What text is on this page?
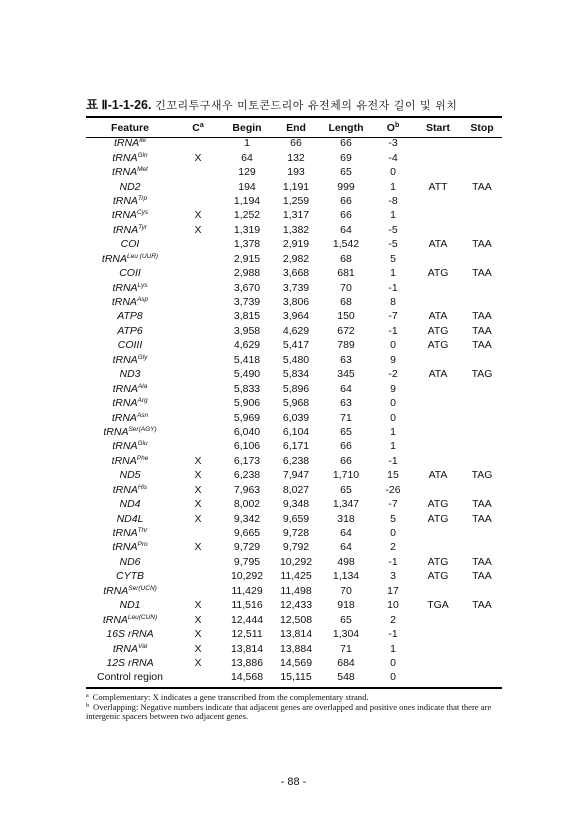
표 Ⅱ-1-1-26. 긴꼬리투구새우 미토콘드리아 유전체의 유전자 길이 및 위치
Feature	$C^a$	Begin	End	Length	$O^b$	Start	Stop
tRNA$^{Ile}$		1	66	66	-3		
tRNA$^{Gln}$	X	64	132	69	-4		
tRNA$^{Met}$		129	193	65	0		
ND2		194	1,191	999	1	ATT	TAA
tRNA$^{Trp}$		1,194	1,259	66	-8		
tRNA$^{Cys}$	X	1,252	1,317	66	1		
tRNA$^{Tyr}$	X	1,319	1,382	64	-5		
COI		1,378	2,919	1,542	-5	ATA	TAA
tRNA$^{Leu (UUR)}$		2,915	2,982	68	5		
COII		2,988	3,668	681	1	ATG	TAA
tRNA$^{Lys}$		3,670	3,739	70	-1		
tRNA$^{Asp}$		3,739	3,806	68	8		
ATP8		3,815	3,964	150	-7	ATA	TAA
ATP6		3,958	4,629	672	-1	ATG	TAA
COIII		4,629	5,417	789	0	ATG	TAA
tRNA$^{Gly}$		5,418	5,480	63	9		
ND3		5,490	5,834	345	-2	ATA	TAG
tRNA$^{Ala}$		5,833	5,896	64	9		
tRNA$^{Arg}$		5,906	5,968	63	0		
tRNA$^{Asn}$		5,969	6,039	71	0		
tRNA$^{Ser(AGY)}$		6,040	6,104	65	1		
tRNA$^{Glu}$		6,106	6,171	66	1		
tRNA$^{Phe}$	X	6,173	6,238	66	-1		
ND5	X	6,238	7,947	1,710	15	ATA	TAG
tRNA$^{His}$	X	7,963	8,027	65	-26		
ND4	X	8,002	9,348	1,347	-7	ATG	TAA
ND4L	X	9,342	9,659	318	5	ATG	TAA
tRNA$^{Thr}$		9,665	9,728	64	0		
tRNA$^{Pro}$	X	9,729	9,792	64	2		
ND6		9,795	10,292	498	-1	ATG	TAA
CYTB		10,292	11,425	1,134	3	ATG	TAA
tRNA$^{Ser(UCN)}$		11,429	11,498	70	17		
ND1	X	11,516	12,433	918	10	TGA	TAA
tRNA$^{Leu(CUN)}$	X	12,444	12,508	65	2		
16S rRNA	X	12,511	13,814	1,304	-1		
tRNA$^{Val}$	X	13,814	13,884	71	1		
12S rRNA	X	13,886	14,569	684	0		
Control region		14,568	15,115	548	0		
$^a$ Complementary: X indicates a gene transcribed from the complementary strand.
$^b$ Overlapping: Negative numbers indicate that adjacent genes are overlapped and positive ones indicate that there are intergenic spacers between two adjacent genes.
- 88 -
